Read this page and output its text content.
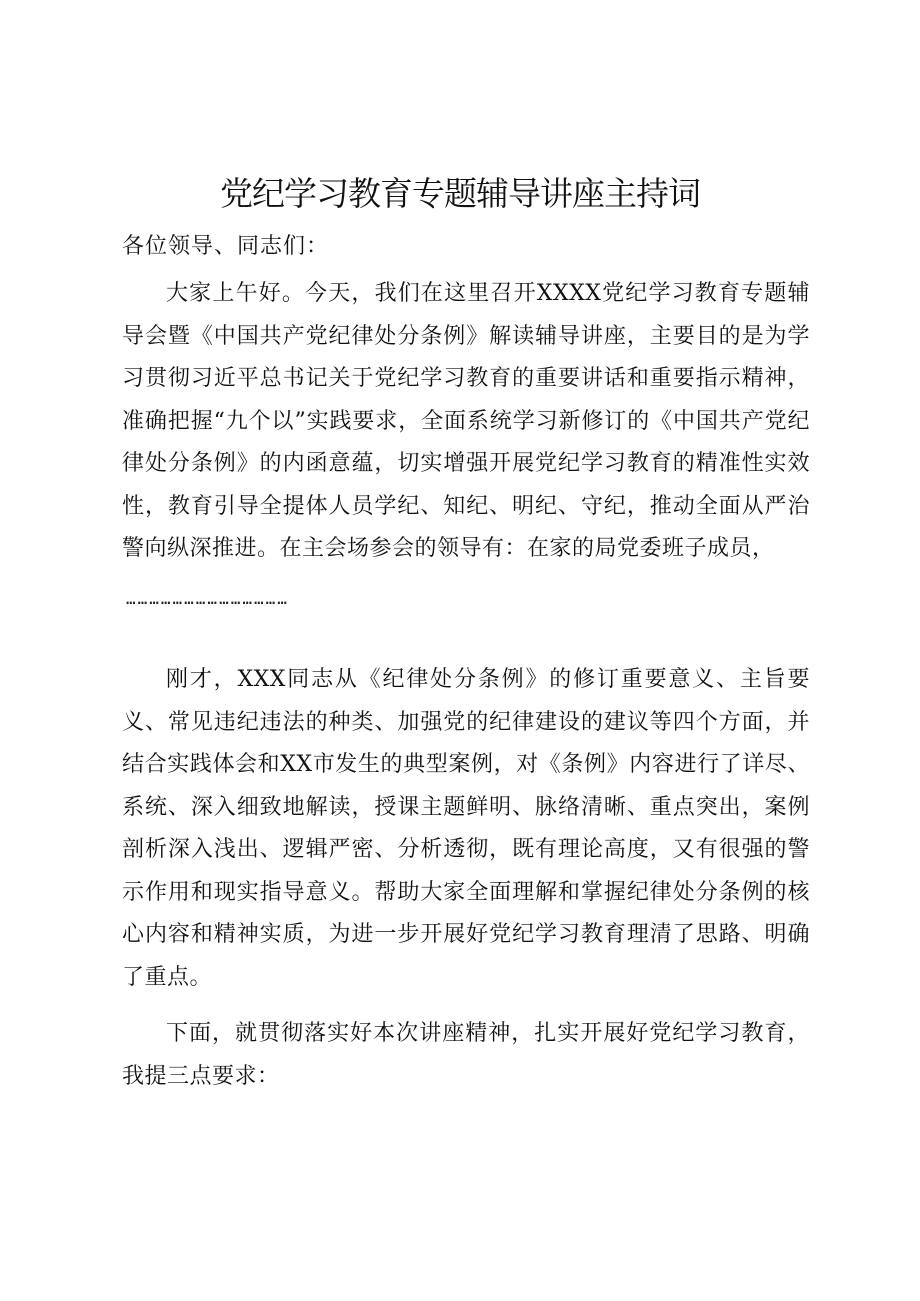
党纪学习教育专题辅导讲座主持词
各位领导、同志们：

大家上午好。今天，我们在这里召开XXXX党纪学习教育专题辅导会暨《中国共产党纪律处分条例》解读辅导讲座，主要目的是为学习贯彻习近平总书记关于党纪学习教育的重要讲话和重要指示精神，准确把握“九个以”实践要求，全面系统学习新修订的《中国共产党纪律处分条例》的内函意蕴，切实增强开展党纪学习教育的精准性实效性，教育引导全提体人员学纪、知纪、明纪、守纪，推动全面从严治警向纵深推进。在主会场参会的领导有：在家的局党委班子成员，

……………………………………

刚才，XXX同志从《纪律处分条例》的修订重要意义、主旨要义、常见违纪违法的种类、加强党的纪律建设的建议等四个方面，并结合实践体会和XX市发生的典型案例，对《条例》内容进行了详尽、系统、深入细致地解读，授课主题鲜明、脉络清晰、重点突出，案例剖析深入浅出、逻辑严密、分析透彻，既有理论高度，又有很强的警示作用和现实指导意义。帮助大家全面理解和掌握纪律处分条例的核心内容和精神实质，为进一步开展好党纪学习教育理清了思路、明确了重点。

下面，就贯彻落实好本次讲座精神，扎实开展好党纪学习教育，我提三点要求：
